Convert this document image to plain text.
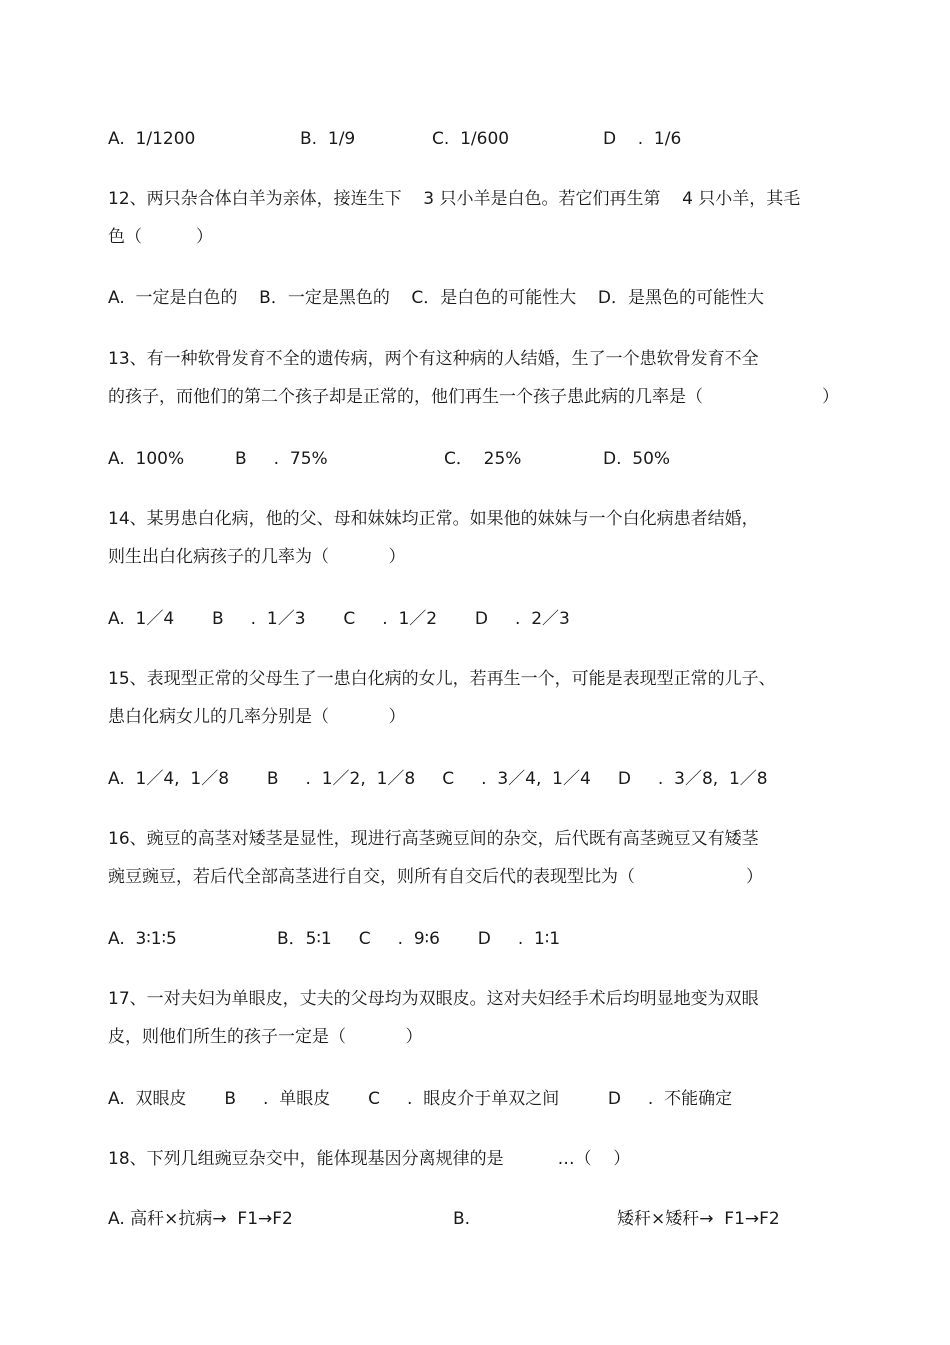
A.  1/1200	B.  1/9	C.  1/600	D    .  1/6
12、两只杂合体白羊为亲体，接连生下    3 只小羊是白色。若它们再生第    4 只小羊，其毛
色（          ）
A.  一定是白色的    B．一定是黑色的    C．是白色的可能性大    D．是黑色的可能性大
13、有一种软骨发育不全的遗传病，两个有这种病的人结婚，生了一个患软骨发育不全
的孩子，而他们的第二个孩子却是正常的，他们再生一个孩子患此病的几率是（	）
A.  100%	B     .  75%	C．  25%	D.  50%
14、某男患白化病，他的父、母和妹妹均正常。如果他的妹妹与一个白化病患者结婚，
则生出白化病孩子的几率为（           ）
A.  1／4       B     .  1／3       C     .  1／2       D     .  2／3
15、表现型正常的父母生了一患白化病的女儿，若再生一个，可能是表现型正常的儿子、
患白化病女儿的几率分别是（           ）
A.  1／4,  1／8       B     .  1／2,  1／8     C     .  3／4,  1／4     D     .  3／8,  1／8
16、豌豆的高茎对矮茎是显性，现进行高茎豌豆间的杂交，后代既有高茎豌豆又有矮茎
豌豆豌豆，若后代全部高茎进行自交，则所有自交后代的表现型比为（	）
A.  3∶1∶5	B．5∶1     C     .  9∶6       D     .  1∶1
17、一对夫妇为单眼皮，丈夫的父母均为双眼皮。这对夫妇经手术后均明显地变为双眼
皮，则他们所生的孩子一定是（           ）
A.  双眼皮       B     .  单眼皮       C     .  眼皮介于单双之间         D     .  不能确定
18、下列几组豌豆杂交中，能体现基因分离规律的是          …（    ）
A. 高秆×抗病→  F1→F2	B.	矮秆×矮秆→  F1→F2
